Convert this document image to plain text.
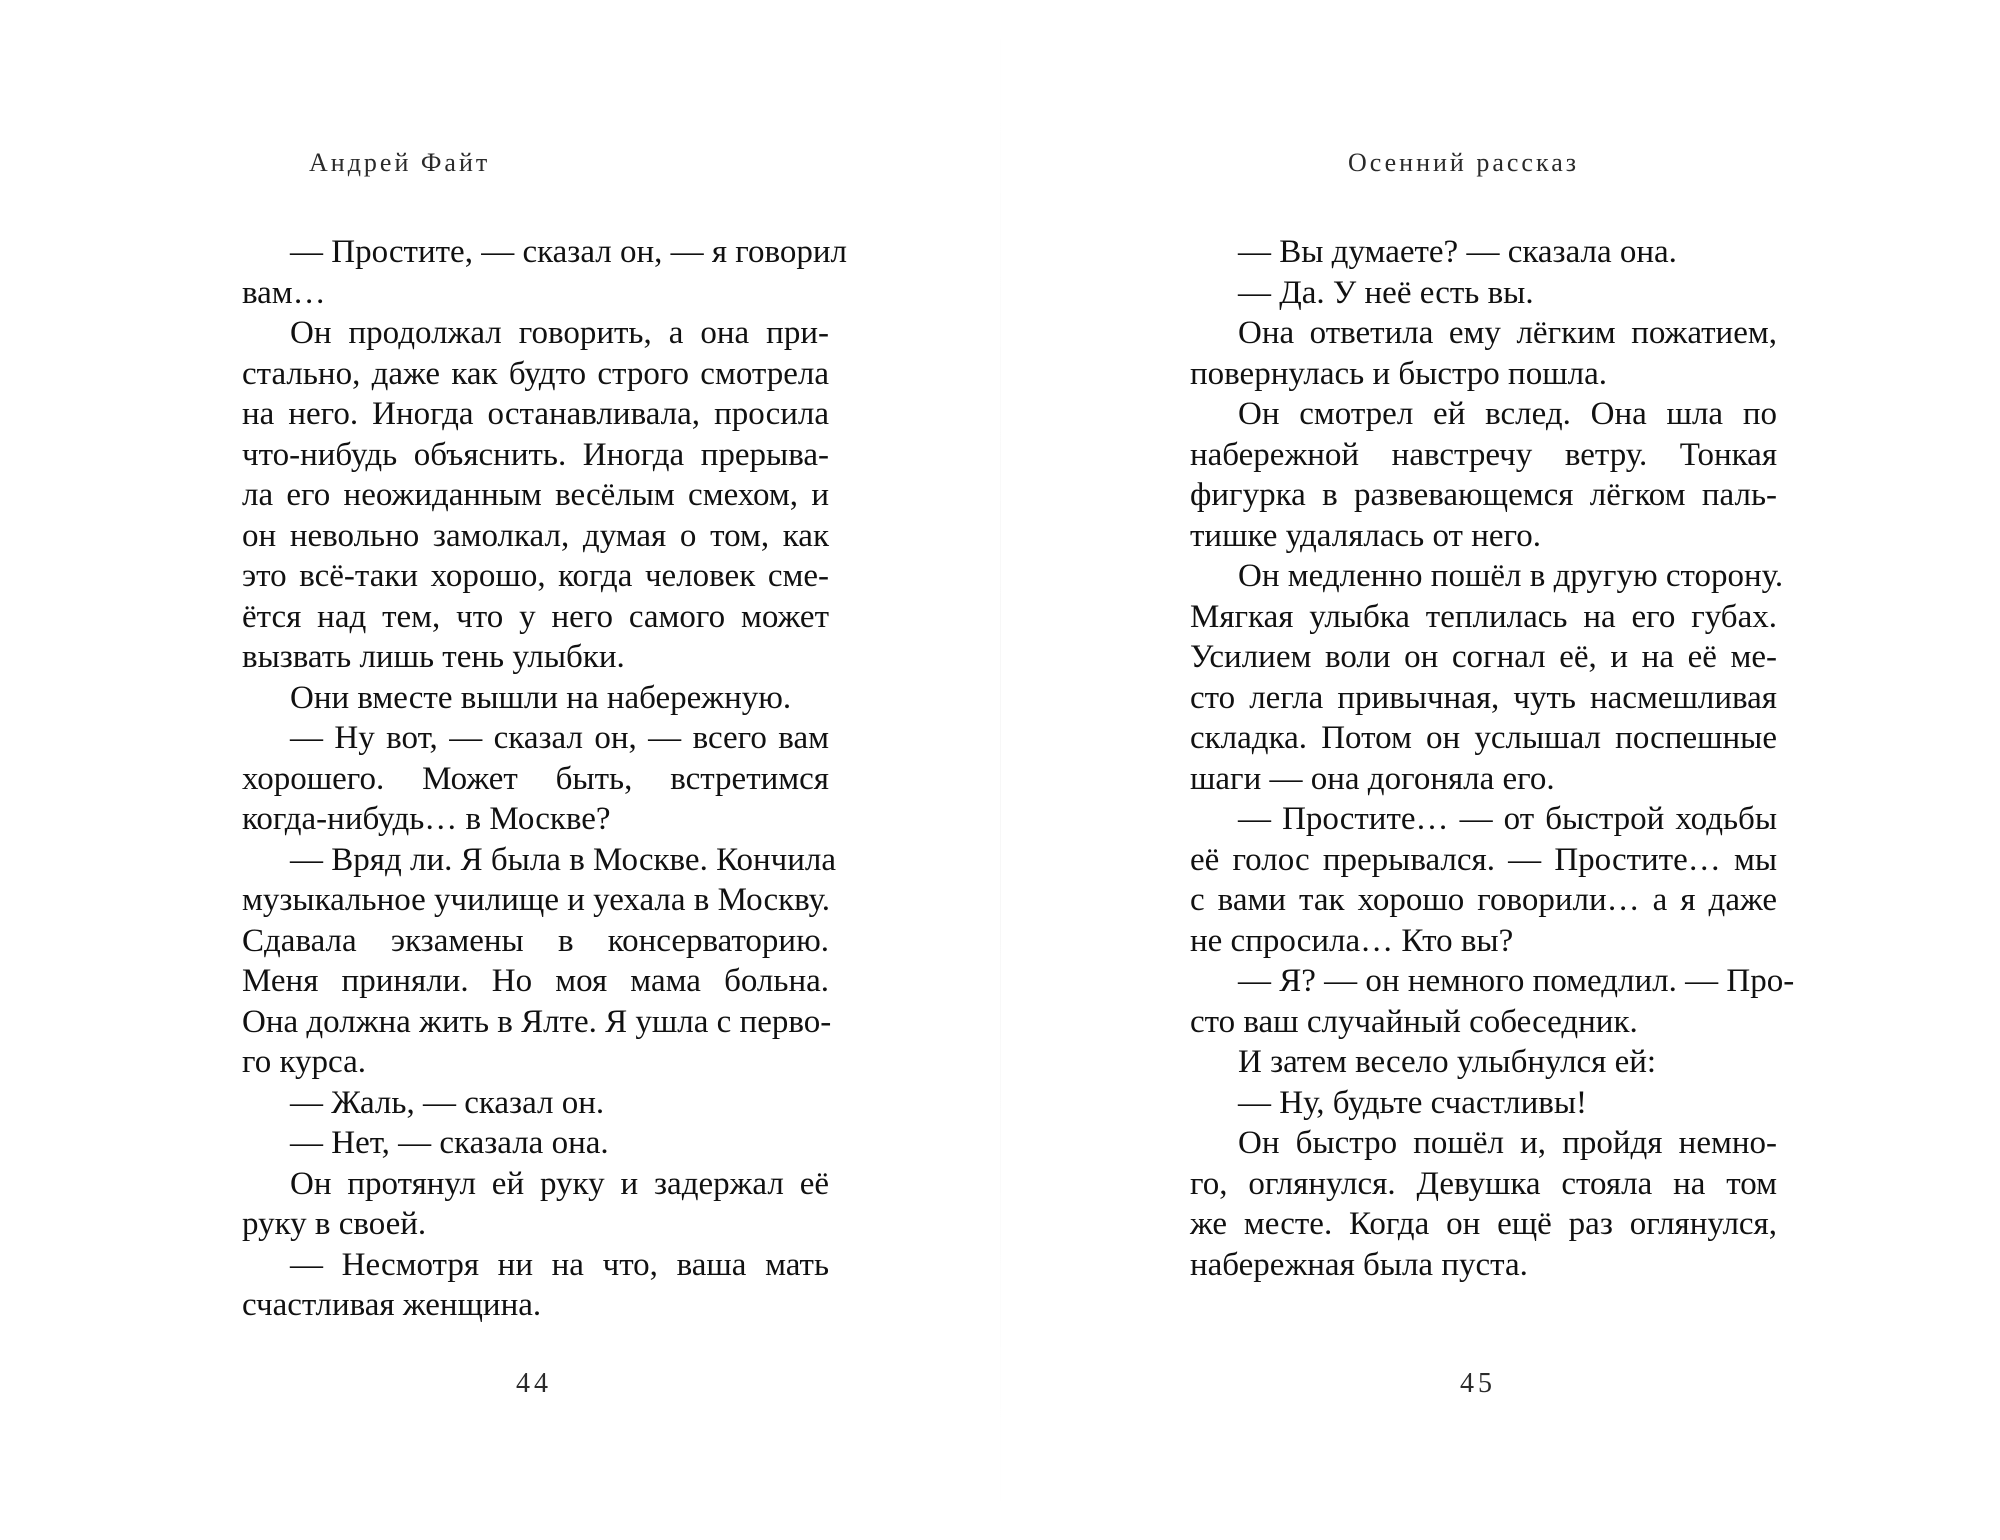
Андрей Файт
— Простите, — сказал он, — я говорил
вам…
Он продолжал говорить, а она при-
стально, даже как будто строго смотрела
на него. Иногда останавливала, просила
что-нибудь объяснить. Иногда прерыва-
ла его неожиданным весёлым смехом, и
он невольно замолкал, думая о том, как
это всё-таки хорошо, когда человек сме-
ётся над тем, что у него самого может
вызвать лишь тень улыбки.
Они вместе вышли на набережную.
— Ну вот, — сказал он, — всего вам
хорошего. Может быть, встретимся
когда-нибудь… в Москве?
— Вряд ли. Я была в Москве. Кончила
музыкальное училище и уехала в Москву.
Сдавала экзамены в консерваторию.
Меня приняли. Но моя мама больна.
Она должна жить в Ялте. Я ушла с перво-
го курса.
— Жаль, — сказал он.
— Нет, — сказала она.
Он протянул ей руку и задержал её
руку в своей.
— Несмотря ни на что, ваша мать
счастливая женщина.
44
Осенний рассказ
— Вы думаете? — сказала она.
— Да. У неё есть вы.
Она ответила ему лёгким пожатием,
повернулась и быстро пошла.
Он смотрел ей вслед. Она шла по
набережной навстречу ветру. Тонкая
фигурка в развевающемся лёгком паль-
тишке удалялась от него.
Он медленно пошёл в другую сторону.
Мягкая улыбка теплилась на его губах.
Усилием воли он согнал её, и на её ме-
сто легла привычная, чуть насмешливая
складка. Потом он услышал поспешные
шаги — она догоняла его.
— Простите… — от быстрой ходьбы
её голос прерывался. — Простите… мы
с вами так хорошо говорили… а я даже
не спросила… Кто вы?
— Я? — он немного помедлил. — Про-
сто ваш случайный собеседник.
И затем весело улыбнулся ей:
— Ну, будьте счастливы!
Он быстро пошёл и, пройдя немно-
го, оглянулся. Девушка стояла на том
же месте. Когда он ещё раз оглянулся,
набережная была пуста.
45
